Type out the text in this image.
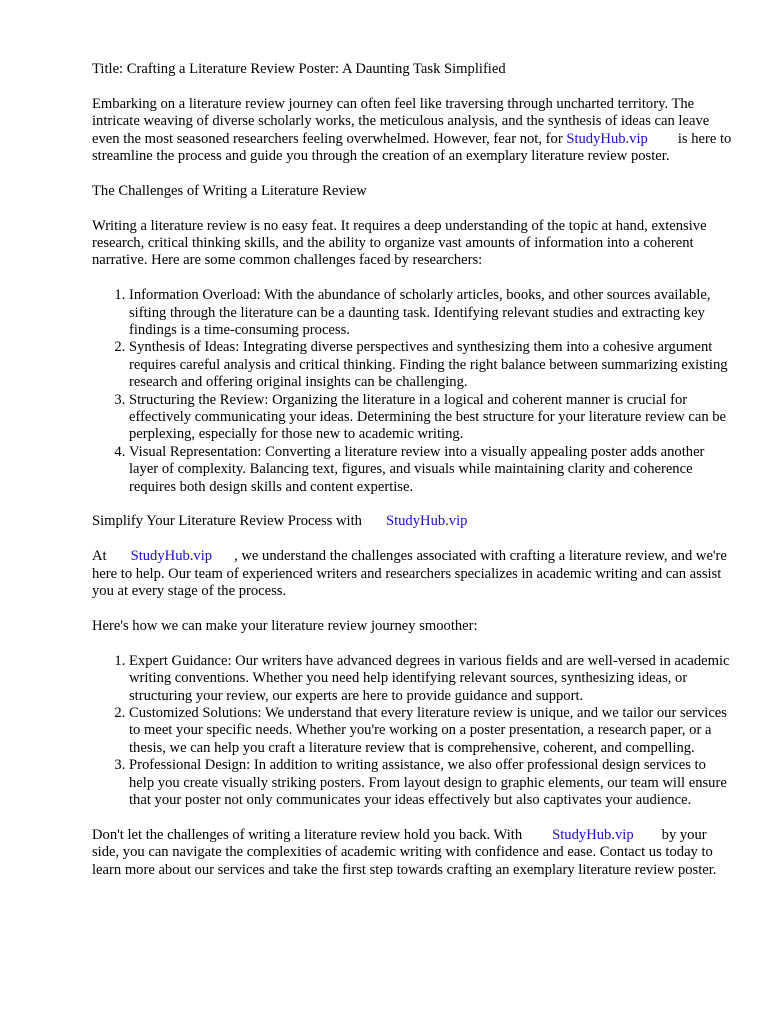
Title: Crafting a Literature Review Poster: A Daunting Task Simplified

Embarking on a literature review journey can often feel like traversing through uncharted territory. The intricate weaving of diverse scholarly works, the meticulous analysis, and the synthesis of ideas can leave even the most seasoned researchers feeling overwhelmed. However, fear not, for StudyHub.vip is here to streamline the process and guide you through the creation of an exemplary literature review poster.

The Challenges of Writing a Literature Review

Writing a literature review is no easy feat. It requires a deep understanding of the topic at hand, extensive research, critical thinking skills, and the ability to organize vast amounts of information into a coherent narrative. Here are some common challenges faced by researchers:

1. Information Overload: With the abundance of scholarly articles, books, and other sources available, sifting through the literature can be a daunting task. Identifying relevant studies and extracting key findings is a time-consuming process.
2. Synthesis of Ideas: Integrating diverse perspectives and synthesizing them into a cohesive argument requires careful analysis and critical thinking. Finding the right balance between summarizing existing research and offering original insights can be challenging.
3. Structuring the Review: Organizing the literature in a logical and coherent manner is crucial for effectively communicating your ideas. Determining the best structure for your literature review can be perplexing, especially for those new to academic writing.
4. Visual Representation: Converting a literature review into a visually appealing poster adds another layer of complexity. Balancing text, figures, and visuals while maintaining clarity and coherence requires both design skills and content expertise.

Simplify Your Literature Review Process with StudyHub.vip

At StudyHub.vip , we understand the challenges associated with crafting a literature review, and we're here to help. Our team of experienced writers and researchers specializes in academic writing and can assist you at every stage of the process.

Here's how we can make your literature review journey smoother:

1. Expert Guidance: Our writers have advanced degrees in various fields and are well-versed in academic writing conventions. Whether you need help identifying relevant sources, synthesizing ideas, or structuring your review, our experts are here to provide guidance and support.
2. Customized Solutions: We understand that every literature review is unique, and we tailor our services to meet your specific needs. Whether you're working on a poster presentation, a research paper, or a thesis, we can help you craft a literature review that is comprehensive, coherent, and compelling.
3. Professional Design: In addition to writing assistance, we also offer professional design services to help you create visually striking posters. From layout design to graphic elements, our team will ensure that your poster not only communicates your ideas effectively but also captivates your audience.

Don't let the challenges of writing a literature review hold you back. With StudyHub.vip by your side, you can navigate the complexities of academic writing with confidence and ease. Contact us today to learn more about our services and take the first step towards crafting an exemplary literature review poster.
